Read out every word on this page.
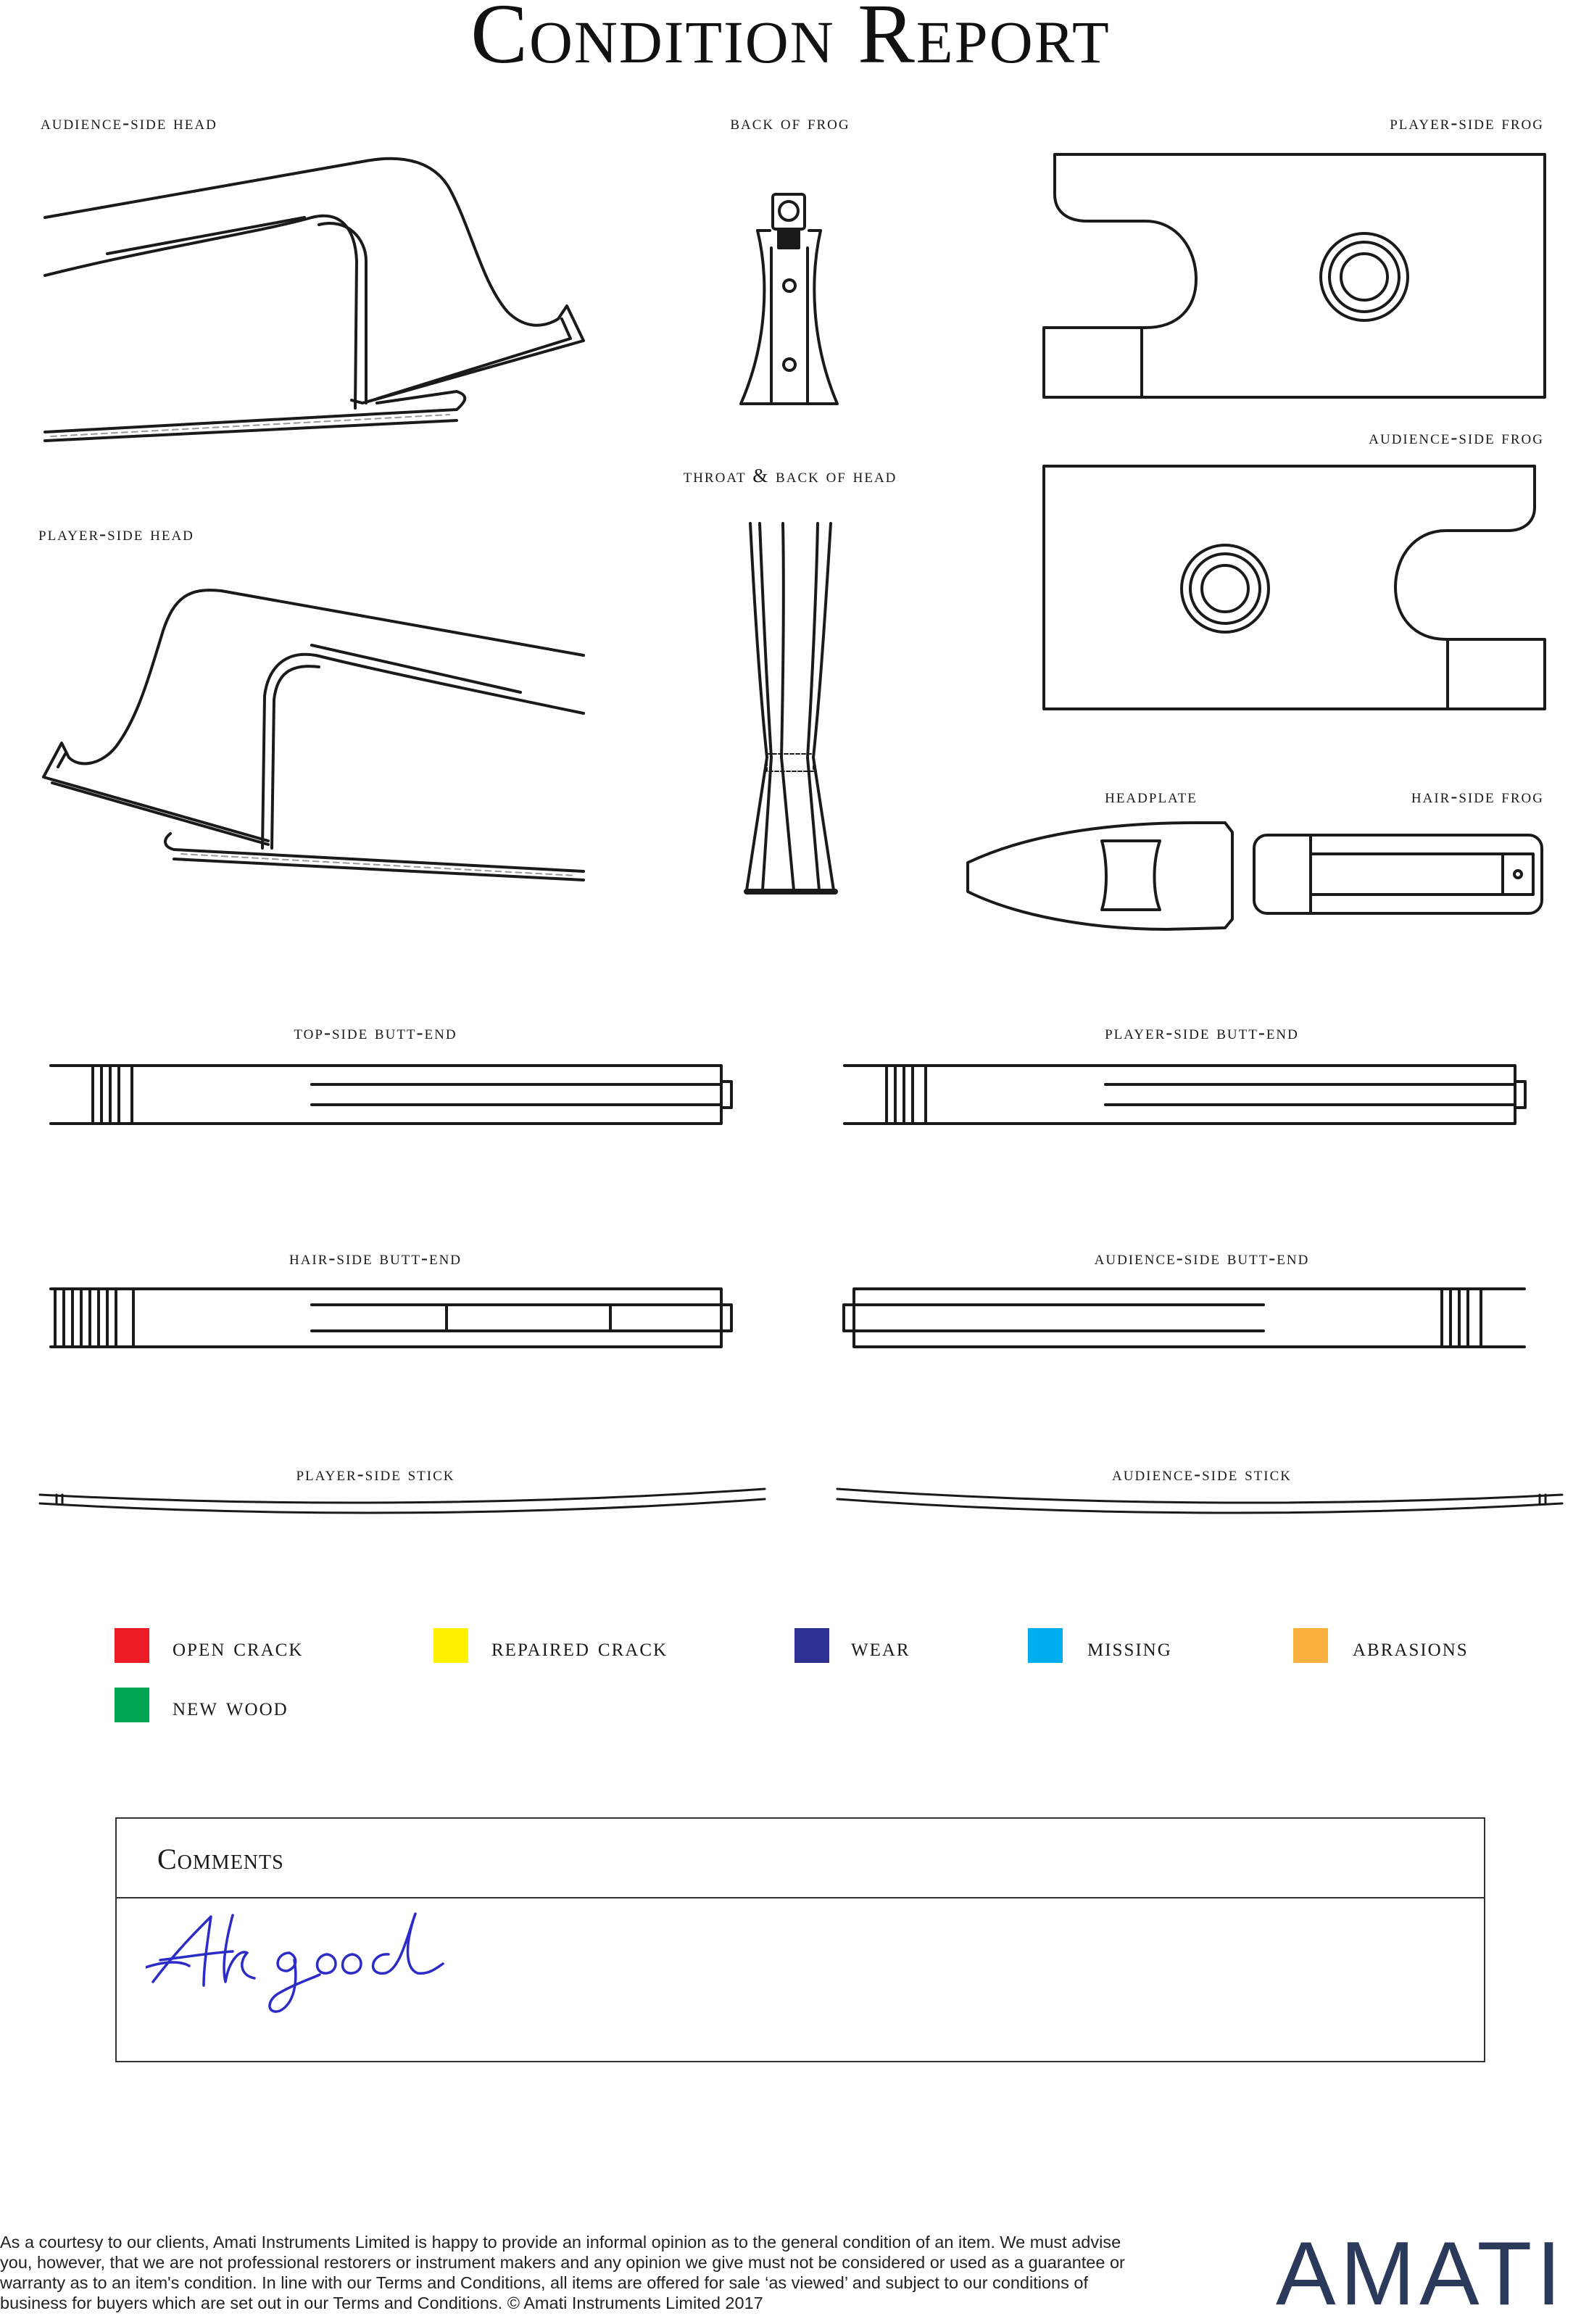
Condition Report
audience-side head	back of frog	player-side frog
audience-side frog
throat & back of head
player-side head
headplate	hair-side frog
top-side butt-end	player-side butt-end
hair-side butt-end	audience-side butt-end
player-side stick	audience-side stick
open crack	repaired crack	wear	missing	abrasions
new wood
Comments
As a courtesy to our clients, Amati Instruments Limited is happy to provide an informal opinion as to the general condition of an item. We must advise you, however, that we are not professional restorers or instrument makers and any opinion we give must not be considered or used as a guarantee or warranty as to an item's condition. In line with our Terms and Conditions, all items are offered for sale ‘as viewed’ and subject to our conditions of business for buyers which are set out in our Terms and Conditions. © Amati Instruments Limited 2017	AMATI
